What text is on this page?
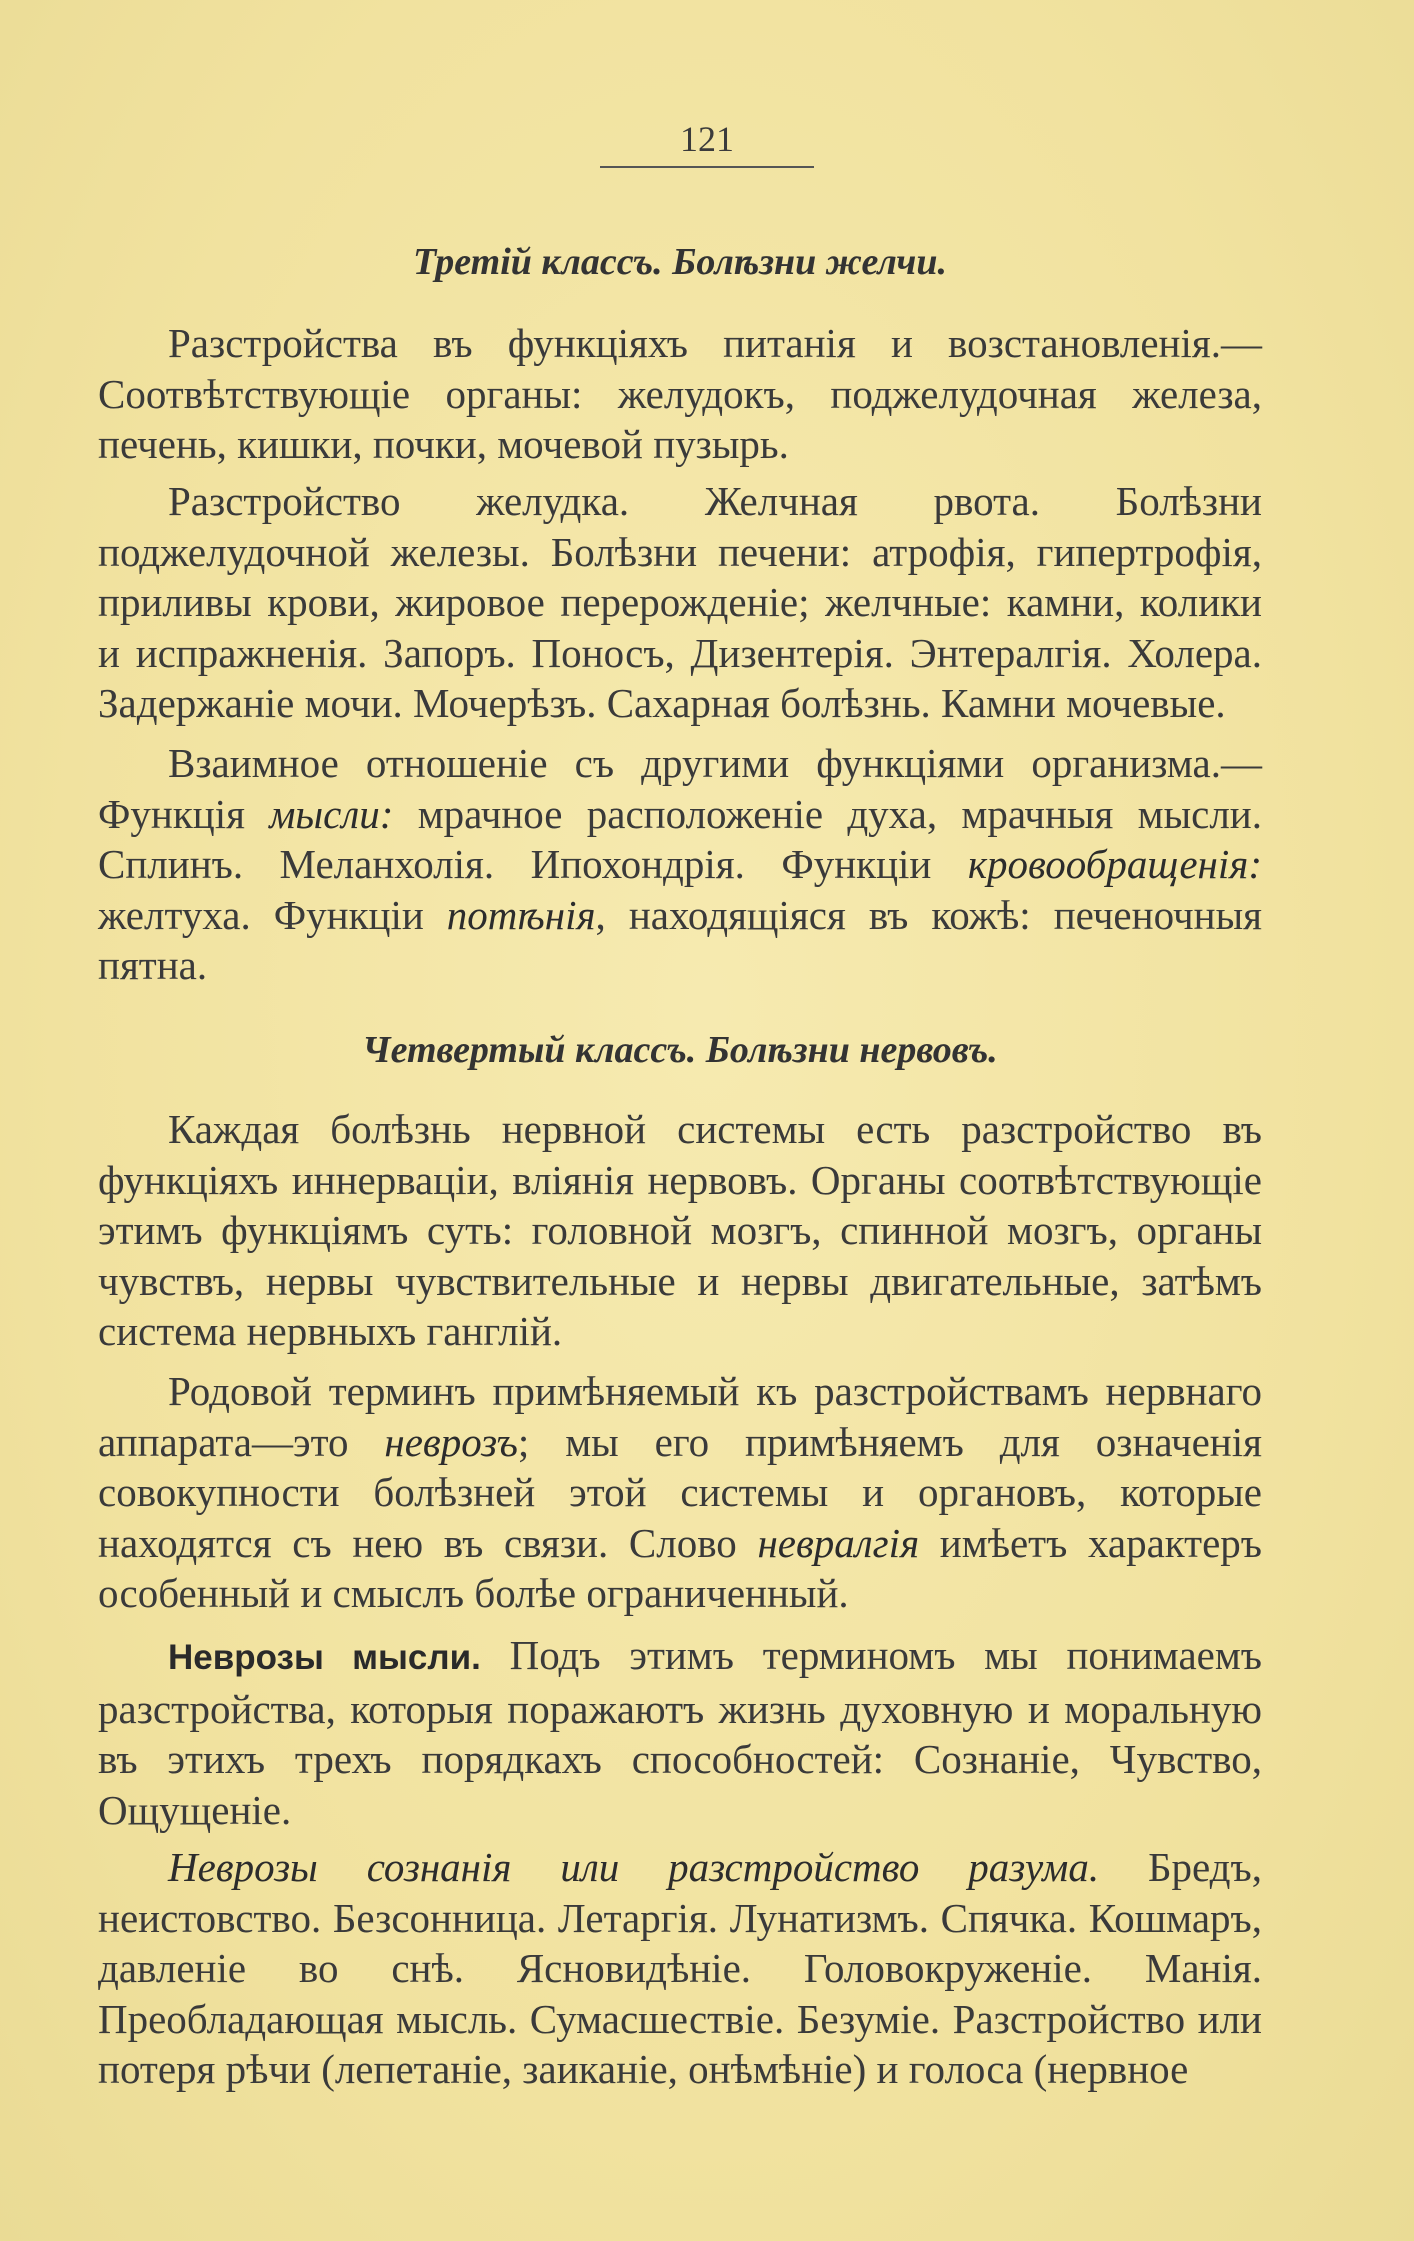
121
Третій классъ. Болѣзни желчи.

Разстройства въ функціяхъ питанія и возстановленія.—Соотвѣтствующіе органы: желудокъ, поджелудочная железа, печень, кишки, почки, мочевой пузырь.

Разстройство желудка. Желчная рвота. Болѣзни поджелудочной железы. Болѣзни печени: атрофія, гипертрофія, приливы крови, жировое перерожденіе; желчные: камни, колики и испражненія. Запоръ. Поносъ, Дизентерія. Энтералгія. Холера. Задержаніе мочи. Мочерѣзъ. Сахарная болѣзнь. Камни мочевые.

Взаимное отношеніе съ другими функціями организма.—Функція мысли: мрачное расположеніе духа, мрачныя мысли. Сплинъ. Меланхолія. Ипохондрія. Функціи кровообращенія: желтуха. Функціи потѣнія, находящіяся въ кожѣ: печеночныя пятна.

Четвертый классъ. Болѣзни нервовъ.

Каждая болѣзнь нервной системы есть разстройство въ функціяхъ иннерваціи, вліянія нервовъ. Органы соотвѣтствующіе этимъ функціямъ суть: головной мозгъ, спинной мозгъ, органы чувствъ, нервы чувствительные и нервы двигательные, затѣмъ система нервныхъ ганглій.

Родовой терминъ примѣняемый къ разстройствамъ нервнаго аппарата—это неврозъ; мы его примѣняемъ для означенія совокупности болѣзней этой системы и органовъ, которые находятся съ нею въ связи. Слово невралгія имѣетъ характеръ особенный и смыслъ болѣе ограниченный.

Неврозы мысли. Подъ этимъ терминомъ мы понимаемъ разстройства, которыя поражаютъ жизнь духовную и моральную въ этихъ трехъ порядкахъ способностей: Сознаніе, Чувство, Ощущеніе.

Неврозы сознанія или разстройство разума. Бредъ, неистовство. Безсонница. Летаргія. Лунатизмъ. Спячка. Кошмаръ, давленіе во снѣ. Ясновидѣніе. Головокруженіе. Манія. Преобладающая мысль. Сумасшествіе. Безуміе. Разстройство или потеря рѣчи (лепетаніе, заиканіе, онѣмѣніе) и голоса (нервное
